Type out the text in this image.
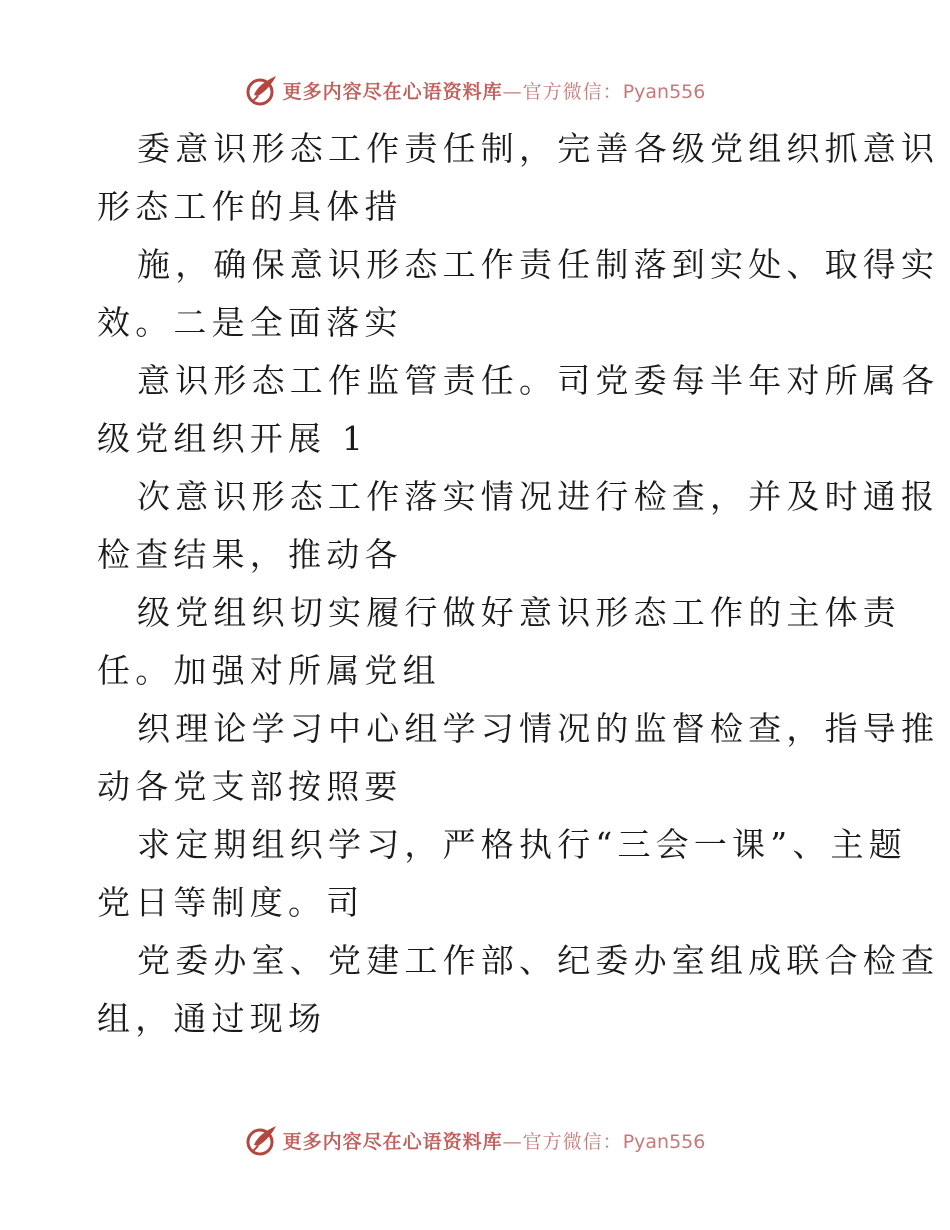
更多内容尽在心语资料库—官方微信：Pyan556

委意识形态工作责任制，完善各级党组织抓意识
形态工作的具体措

施，确保意识形态工作责任制落到实处、取得实
效。二是全面落实

意识形态工作监管责任。司党委每半年对所属各
级党组织开展 1

次意识形态工作落实情况进行检查，并及时通报
检查结果，推动各

级党组织切实履行做好意识形态工作的主体责
任。加强对所属党组

织理论学习中心组学习情况的监督检查，指导推
动各党支部按照要

求定期组织学习，严格执行“三会一课”、主题
党日等制度。司

党委办室、党建工作部、纪委办室组成联合检查
组，通过现场

更多内容尽在心语资料库—官方微信：Pyan556
